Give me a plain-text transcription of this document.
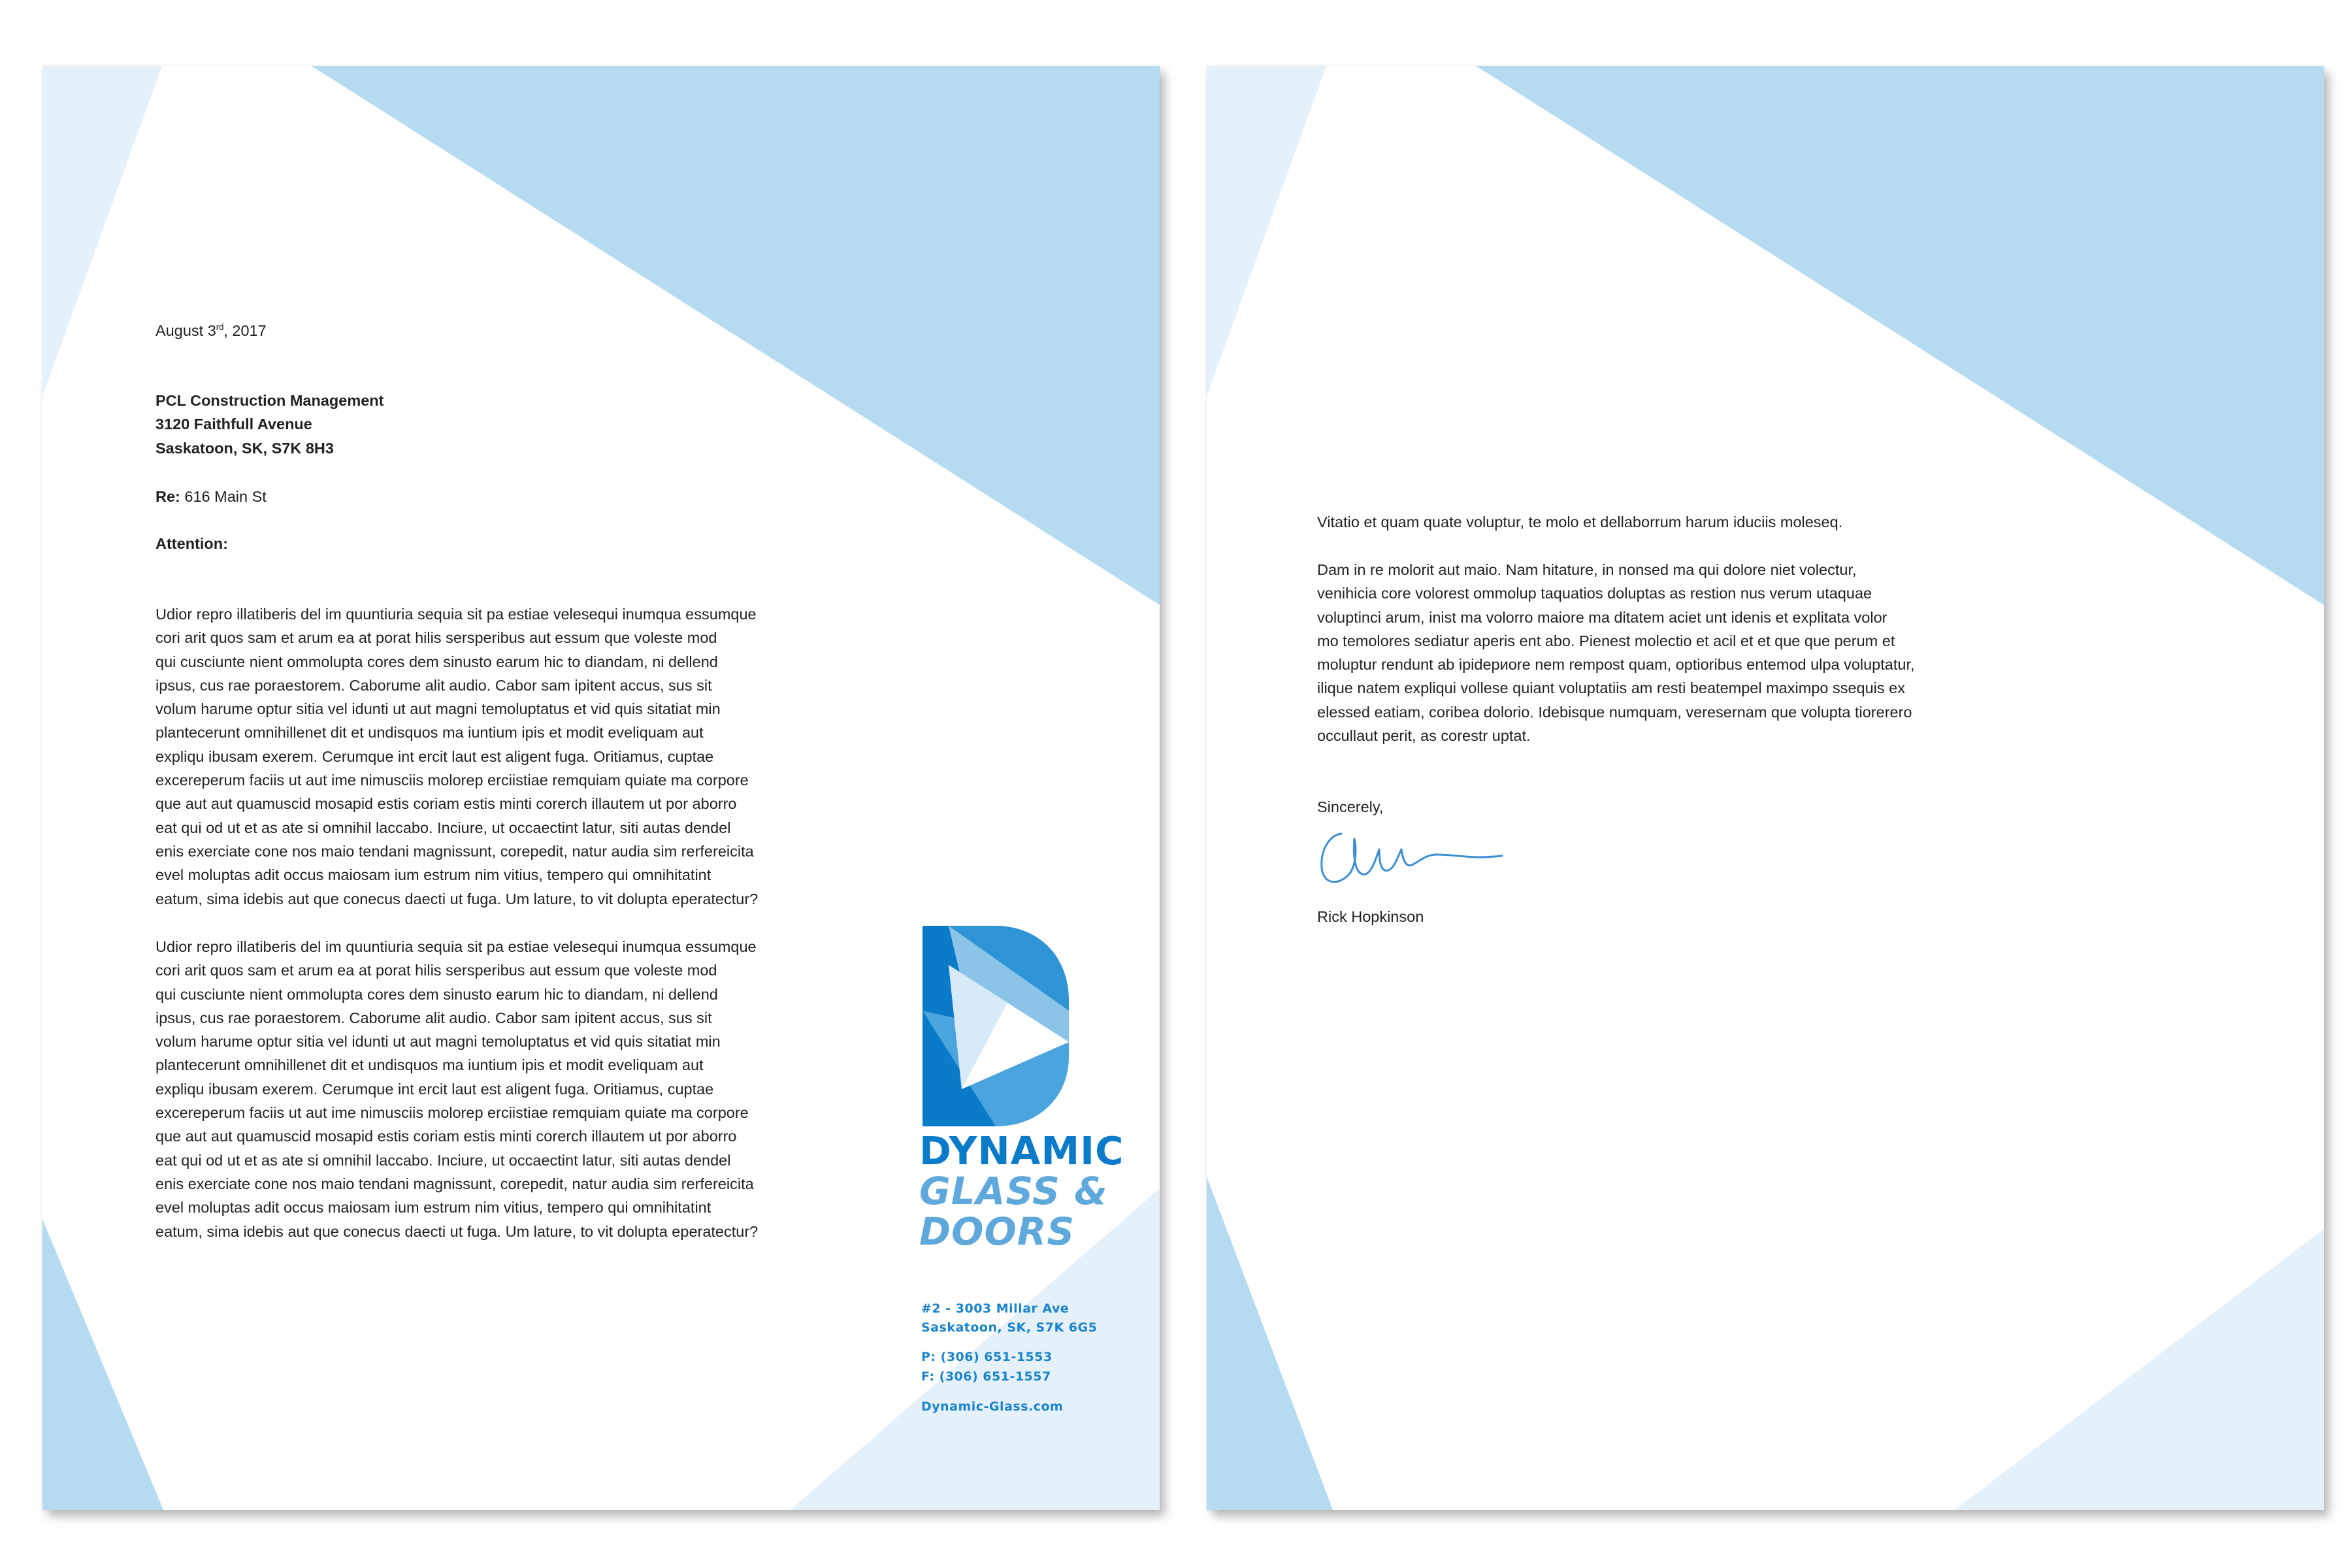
August 3rd, 2017
PCL Construction Management
3120 Faithfull Avenue
Saskatoon, SK, S7K 8H3
Re: 616 Main St
Attention:
Udior repro illatiberis del im quuntiuria sequia sit pa estiae velesequi inumqua essumque
cori arit quos sam et arum ea at porat hilis sersperibus aut essum que voleste mod
qui cusciunte nient ommolupta cores dem sinusto earum hic to diandam, ni dellend
ipsus, cus rae poraestorem. Caborume alit audio. Cabor sam ipitent accus, sus sit
volum harume optur sitia vel idunti ut aut magni temoluptatus et vid quis sitatiat min
plantecerunt omnihillenet dit et undisquos ma iuntium ipis et modit eveliquam aut
expliqu ibusam exerem. Cerumque int ercit laut est aligent fuga. Oritiamus, cuptae
excereperum faciis ut aut ime nimusciis molorep erciistiae remquiam quiate ma corpore
que aut aut quamuscid mosapid estis coriam estis minti corerch illautem ut por aborro
eat qui od ut et as ate si omnihil laccabo. Inciure, ut occaectint latur, siti autas dendel
enis exerciate cone nos maio tendani magnissunt, corepedit, natur audia sim rerfereicita
evel moluptas adit occus maiosam ium estrum nim vitius, tempero qui omnihitatint
eatum, sima idebis aut que conecus daecti ut fuga. Um lature, to vit dolupta eperatectur?
Udior repro illatiberis del im quuntiuria sequia sit pa estiae velesequi inumqua essumque
cori arit quos sam et arum ea at porat hilis sersperibus aut essum que voleste mod
qui cusciunte nient ommolupta cores dem sinusto earum hic to diandam, ni dellend
ipsus, cus rae poraestorem. Caborume alit audio. Cabor sam ipitent accus, sus sit
volum harume optur sitia vel idunti ut aut magni temoluptatus et vid quis sitatiat min
plantecerunt omnihillenet dit et undisquos ma iuntium ipis et modit eveliquam aut
expliqu ibusam exerem. Cerumque int ercit laut est aligent fuga. Oritiamus, cuptae
excereperum faciis ut aut ime nimusciis molorep erciistiae remquiam quiate ma corpore
que aut aut quamuscid mosapid estis coriam estis minti corerch illautem ut por aborro
eat qui od ut et as ate si omnihil laccabo. Inciure, ut occaectint latur, siti autas dendel
enis exerciate cone nos maio tendani magnissunt, corepedit, natur audia sim rerfereicita
evel moluptas adit occus maiosam ium estrum nim vitius, tempero qui omnihitatint
eatum, sima idebis aut que conecus daecti ut fuga. Um lature, to vit dolupta eperatectur?
DYNAMIC
GLASS &
DOORS
#2 - 3003 Millar Ave
Saskatoon, SK, S7K 6G5
P: (306) 651-1553
F: (306) 651-1557
Dynamic-Glass.com
Vitatio et quam quate voluptur, te molo et dellaborrum harum iduciis moleseq.
Dam in re molorit aut maio. Nam hitature, in nonsed ma qui dolore niet volectur,
venihicia core volorest ommolup taquatios doluptas as restion nus verum utaquae
voluptinci arum, inist ma volorro maiore ma ditatem aciet unt idenis et explitata volor
mo temolores sediatur aperis ent abo. Pienest molectio et acil et et que que perum et
moluptur rendunt ab ipidериore nem rempost quam, optioribus entemod ulpa voluptatur,
ilique natem expliqui vollese quiant voluptatiis am resti beatempel maximpo ssequis ex
elessed eatiam, coribea dolorio. Idebisque numquam, veresernam que volupta tiorerero
occullaut perit, as corestr uptat.
Sincerely,
Rick Hopkinson
